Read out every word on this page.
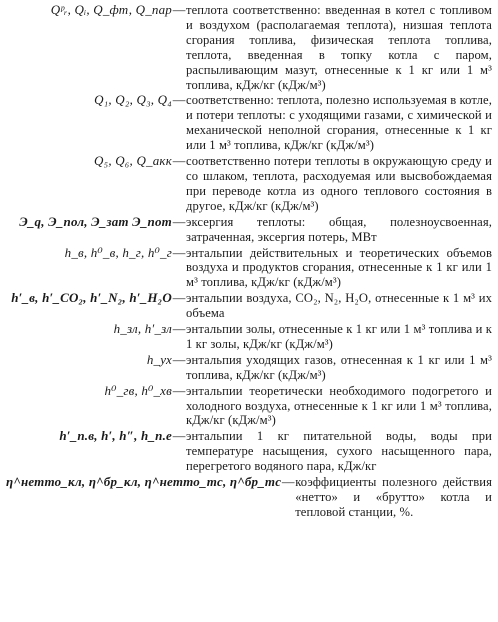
Qᵖᵣ, Qᵢ, Q_фт, Q_пар — теплота соответственно: введенная в котел с топливом и воздухом (располагаемая теплота), низшая теплота сгорания топлива, физическая теплота топлива, теплота, введенная в топку котла с паром, распыливающим мазут, отнесенные к 1 кг или 1 м³ топлива, кДж/кг (кДж/м³)
Q₁, Q₂, Q₃, Q₄ — соответственно: теплота, полезно используемая в котле, и потери теплоты: с уходящими газами, с химической и механической неполной сгорания, отнесенные к 1 кг или 1 м³ топлива, кДж/кг (кДж/м³)
Q₅, Q₆, Q_акк — соответственно потери теплоты в окружающую среду и со шлаком, теплота, расходуемая или высвобождаемая при переводе котла из одного теплового состояния в другое, кДж/кг (кДж/м³)
Э_q, Э_пол, Э_зат Э_пот — эксергия теплоты: общая, полезноусвоенная, затраченная, эксергия потерь, МВт
h_в, h⁰_в, h_г, h⁰_г — энтальпии действительных и теоретических объемов воздуха и продуктов сгорания, отнесенные к 1 кг или 1 м³ топлива, кДж/кг (кДж/м³)
h′_в, h′_CO₂, h′_N₂, h′_H₂O — энтальпии воздуха, CO₂, N₂, H₂O, отнесенные к 1 м³ их объема
h_зл, h′_зл — энтальпии золы, отнесенные к 1 кг или 1 м³ топлива и к 1 кг золы, кДж/кг (кДж/м³)
h_ух — энтальпия уходящих газов, отнесенная к 1 кг или 1 м³ топлива, кДж/кг (кДж/м³)
h⁰_гв, h⁰_хв — энтальпии теоретически необходимого подогретого и холодного воздуха, отнесенные к 1 кг или 1 м³ топлива, кДж/кг (кДж/м³)
h′_п.в, h′, h″, h_п.е — энтальпии 1 кг питательной воды, воды при температуре насыщения, сухого насыщенного пара, перегретого водяного пара, кДж/кг
η^нетто_кл, η^бр_кл, η^нетто_тс, η^бр_тс — коэффициенты полезного действия «нетто» и «брутто» котла и тепловой станции, %.
